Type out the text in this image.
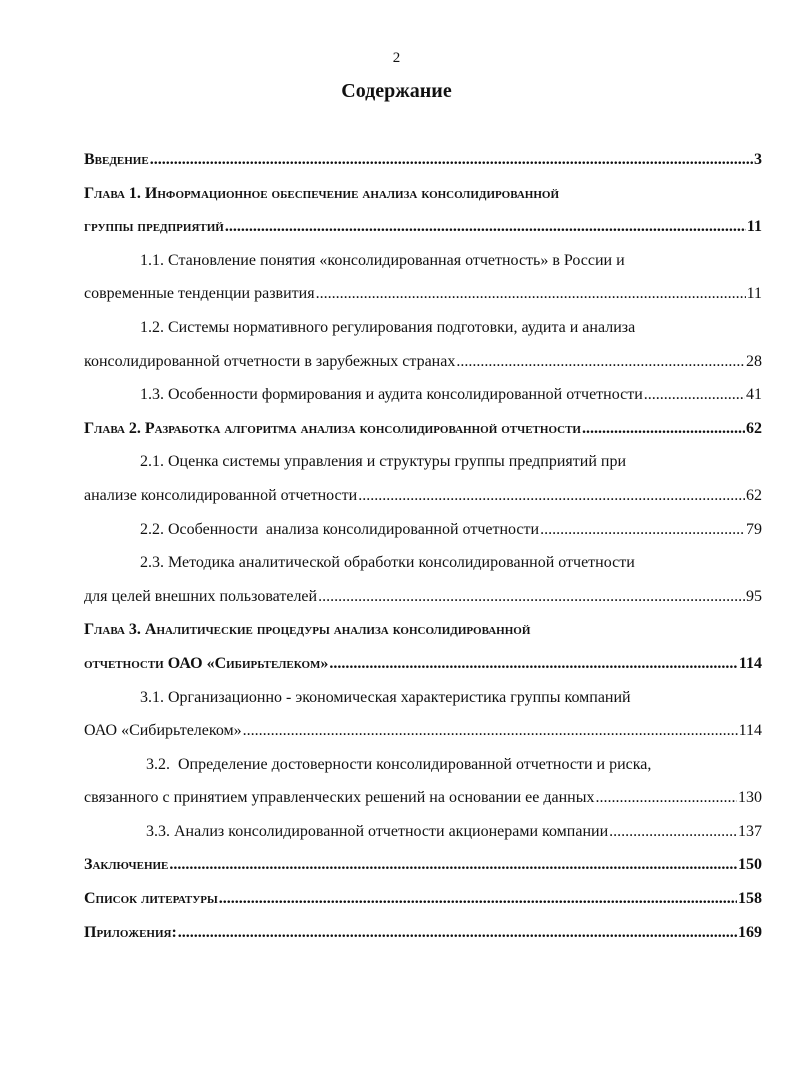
2
Содержание
Введение .....	3
Глава 1. Информационное обеспечение анализа консолидированной
группы предприятий .....	11
1.1. Становление понятия «консолидированная отчетность» в России и
современные тенденции развития .....	11
1.2. Системы нормативного регулирования подготовки, аудита и анализа
консолидированной отчетности в зарубежных странах .....	28
1.3. Особенности формирования и аудита консолидированной отчетности .....	41
Глава 2. Разработка алгоритма анализа консолидированной отчетности .....	62
2.1. Оценка системы управления и структуры группы предприятий при
анализе консолидированной отчетности .....	62
2.2. Особенности  анализа консолидированной отчетности .....	79
2.3. Методика аналитической обработки консолидированной отчетности
для целей внешних пользователей .....	95
Глава 3. Аналитические процедуры анализа консолидированной
отчетности ОАО «Сибирьтелеком» .....	114
3.1. Организационно - экономическая характеристика группы компаний
ОАО «Сибирьтелеком» .....	114
3.2.  Определение достоверности консолидированной отчетности и риска,
связанного с принятием управленческих решений на основании ее данных .....	130
3.3. Анализ консолидированной отчетности акционерами компании .....	137
Заключение .....	150
Список литературы .....	158
Приложения: .....	169
